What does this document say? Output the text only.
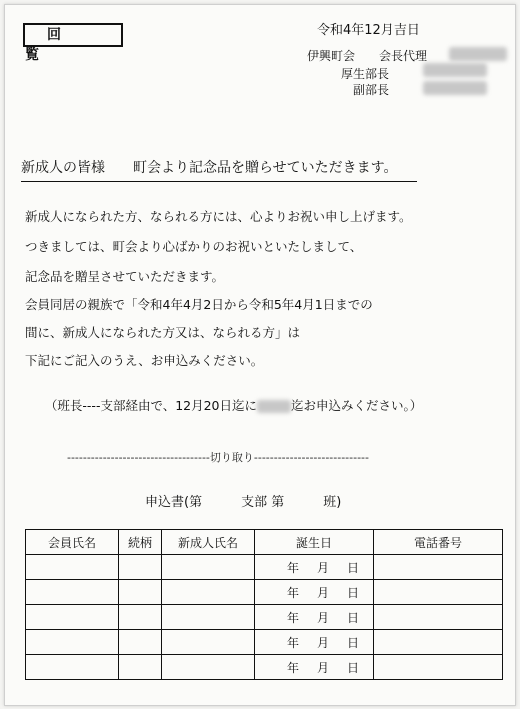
回　覧
令和4年12月吉日
伊興町会　　会長代理
厚生部長
副部長
新成人の皆様　　町会より記念品を贈らせていただきます。
新成人になられた方、なられる方には、心よりお祝い申し上げます。
つきましては、町会より心ばかりのお祝いといたしまして、
記念品を贈呈させていただきます。
会員同居の親族で「令和4年4月2日から令和5年4月1日までの
間に、新成人になられた方又は、なられる方」は
下記にご記入のうえ、お申込みください。

（班長----支部経由で、12月20日迄に	迄お申込みください。）

------------------------------------切り取り-----------------------------
申込書(第　　　支部 第　　　班)
会員氏名	続柄	新成人氏名	誕生日	電話番号
			年 月 日	
			年 月 日	
			年 月 日	
			年 月 日	
			年 月 日	
